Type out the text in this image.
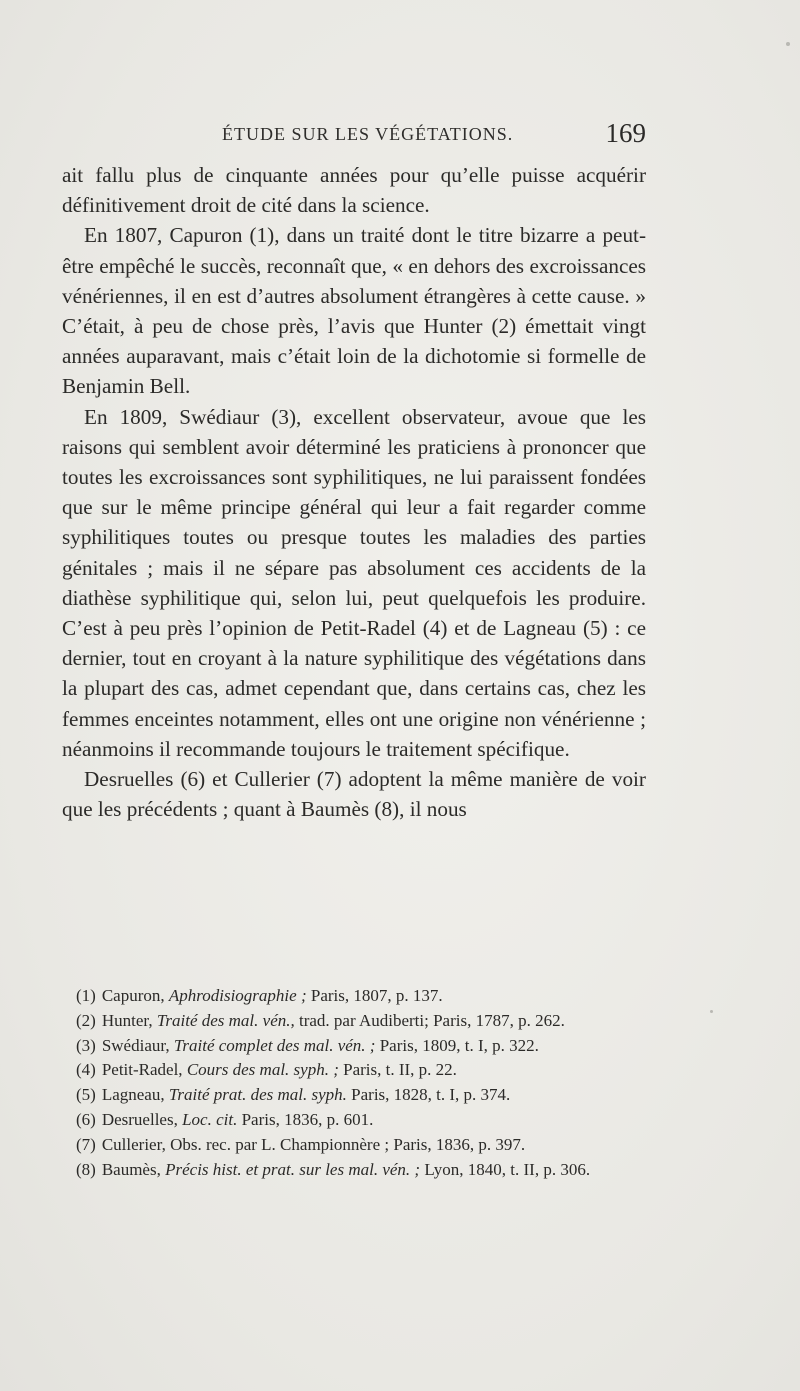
ÉTUDE SUR LES VÉGÉTATIONS.	169

ait fallu plus de cinquante années pour qu’elle puisse acquérir définitivement droit de cité dans la science.

En 1807, Capuron (1), dans un traité dont le titre bizarre a peut-être empêché le succès, reconnaît que, « en dehors des excroissances vénériennes, il en est d’autres absolument étrangères à cette cause. » C’était, à peu de chose près, l’avis que Hunter (2) émettait vingt années auparavant, mais c’était loin de la dichotomie si formelle de Benjamin Bell.

En 1809, Swédiaur (3), excellent observateur, avoue que les raisons qui semblent avoir déterminé les praticiens à prononcer que toutes les excroissances sont syphilitiques, ne lui paraissent fondées que sur le même principe général qui leur a fait regarder comme syphilitiques toutes ou presque toutes les maladies des parties génitales ; mais il ne sépare pas absolument ces accidents de la diathèse syphilitique qui, selon lui, peut quelquefois les produire. C’est à peu près l’opinion de Petit-Radel (4) et de Lagneau (5) : ce dernier, tout en croyant à la nature syphilitique des végétations dans la plupart des cas, admet cependant que, dans certains cas, chez les femmes enceintes notamment, elles ont une origine non vénérienne ; néanmoins il recommande toujours le traitement spécifique.

Desruelles (6) et Cullerier (7) adoptent la même manière de voir que les précédents ; quant à Baumès (8), il nous

(1) Capuron, Aphrodisiographie ; Paris, 1807, p. 137.

(2) Hunter, Traité des mal. vén., trad. par Audiberti; Paris, 1787, p. 262.

(3) Swédiaur, Traité complet des mal. vén. ; Paris, 1809, t. I, p. 322.

(4) Petit-Radel, Cours des mal. syph. ; Paris, t. II, p. 22.

(5) Lagneau, Traité prat. des mal. syph. Paris, 1828, t. I, p. 374.

(6) Desruelles, Loc. cit. Paris, 1836, p. 601.

(7) Cullerier, Obs. rec. par L. Championnère ; Paris, 1836, p. 397.

(8) Baumès, Précis hist. et prat. sur les mal. vén. ; Lyon, 1840, t. II, p. 306.
